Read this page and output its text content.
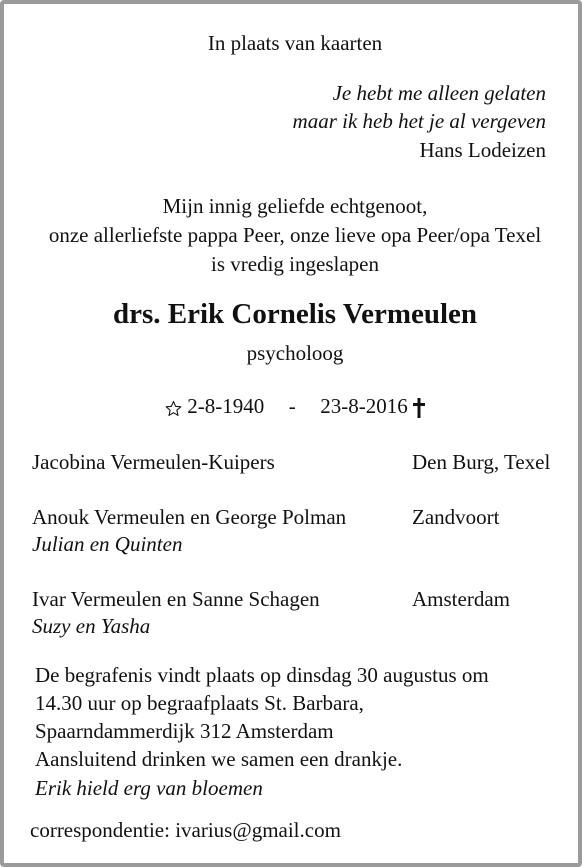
In plaats van kaarten
Je hebt me alleen gelaten
maar ik heb het je al vergeven
Hans Lodeizen
Mijn innig geliefde echtgenoot,
onze allerliefste pappa Peer, onze lieve opa Peer/opa Texel
is vredig ingeslapen
drs. Erik Cornelis Vermeulen
psycholoog
2-8-1940 - 23-8-2016
Jacobina Vermeulen-Kuipers	Den Burg, Texel
Anouk Vermeulen en George Polman	Zandvoort
Julian en Quinten
Ivar Vermeulen en Sanne Schagen	Amsterdam
Suzy en Yasha
De begrafenis vindt plaats op dinsdag 30 augustus om
14.30 uur op begraafplaats St. Barbara,
Spaarndammerdijk 312 Amsterdam
Aansluitend drinken we samen een drankje.
Erik hield erg van bloemen
correspondentie: ivarius@gmail.com
